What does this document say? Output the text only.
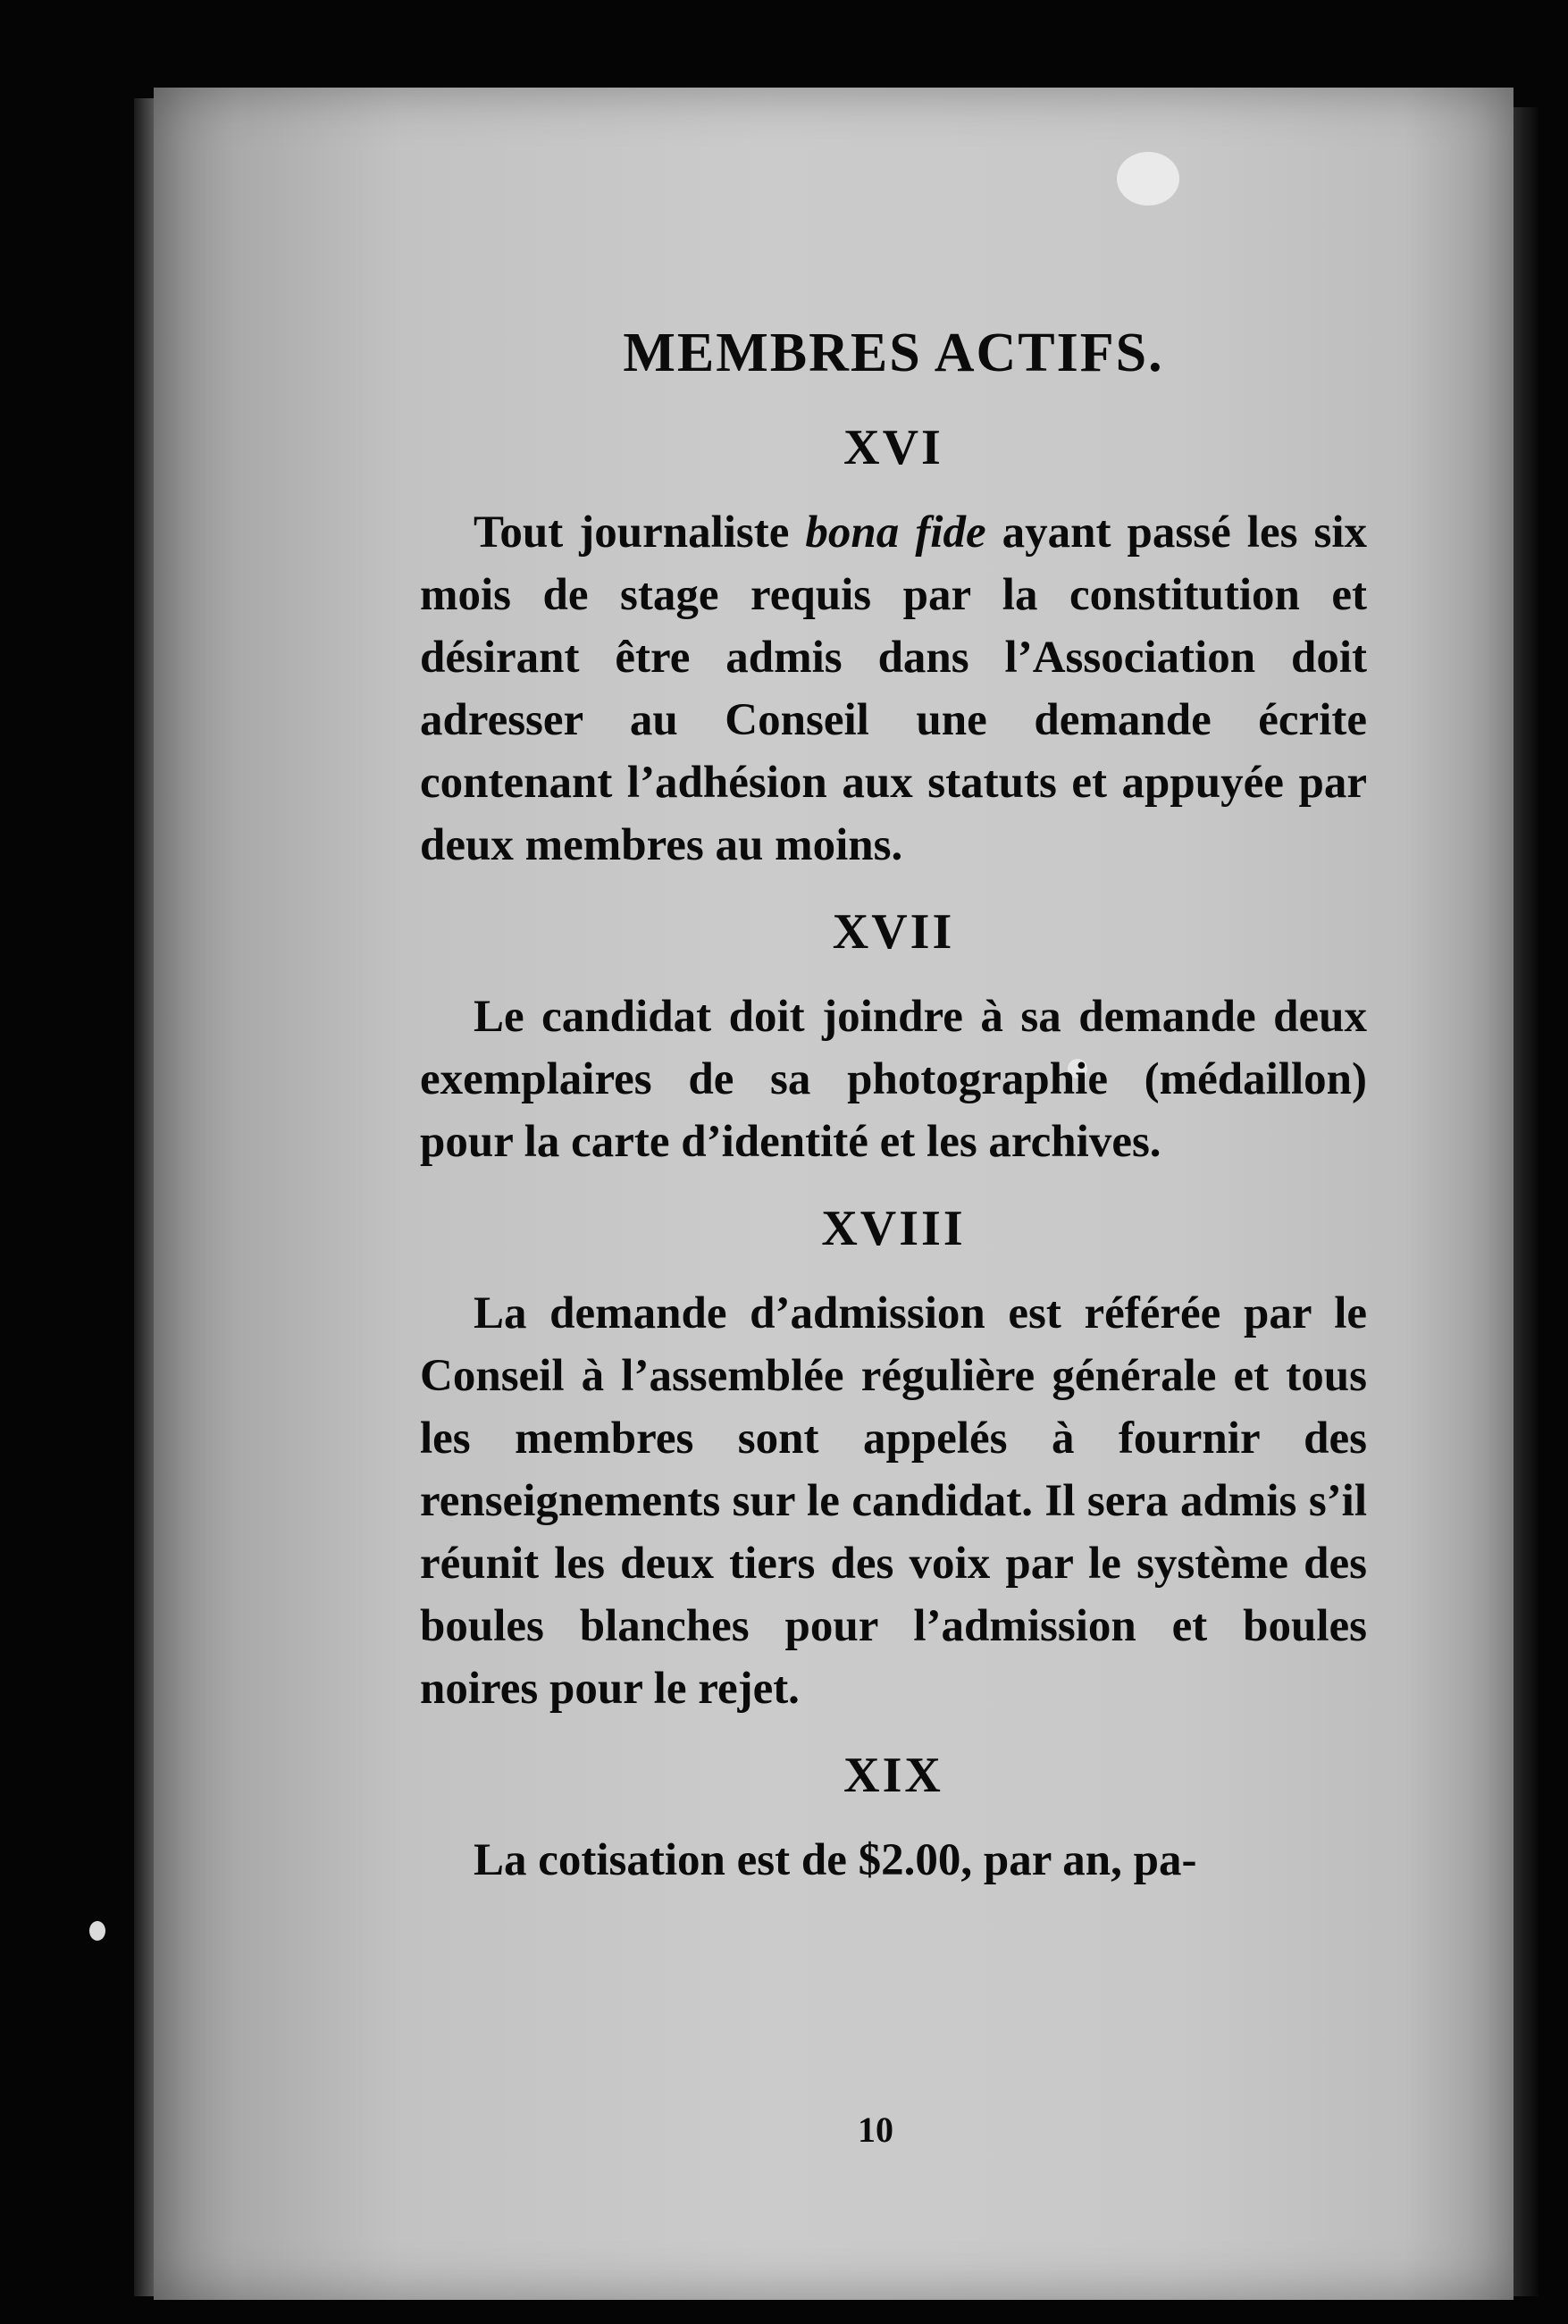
MEMBRES ACTIFS.
XVI

Tout journaliste bona fide ayant passé les six mois de stage requis par la constitution et désirant être admis dans l’Association doit adresser au Conseil une demande écrite contenant l’adhésion aux statuts et appuyée par deux membres au moins.

XVII

Le candidat doit joindre à sa demande deux exemplaires de sa photographie (médaillon) pour la carte d’identité et les archives.

XVIII

La demande d’admission est référée par le Conseil à l’assemblée régulière générale et tous les membres sont appelés à fournir des renseignements sur le candidat. Il sera admis s’il réunit les deux tiers des voix par le système des boules blanches pour l’admission et boules noires pour le rejet.

XIX

La cotisation est de $2.00, par an, pa-

10
